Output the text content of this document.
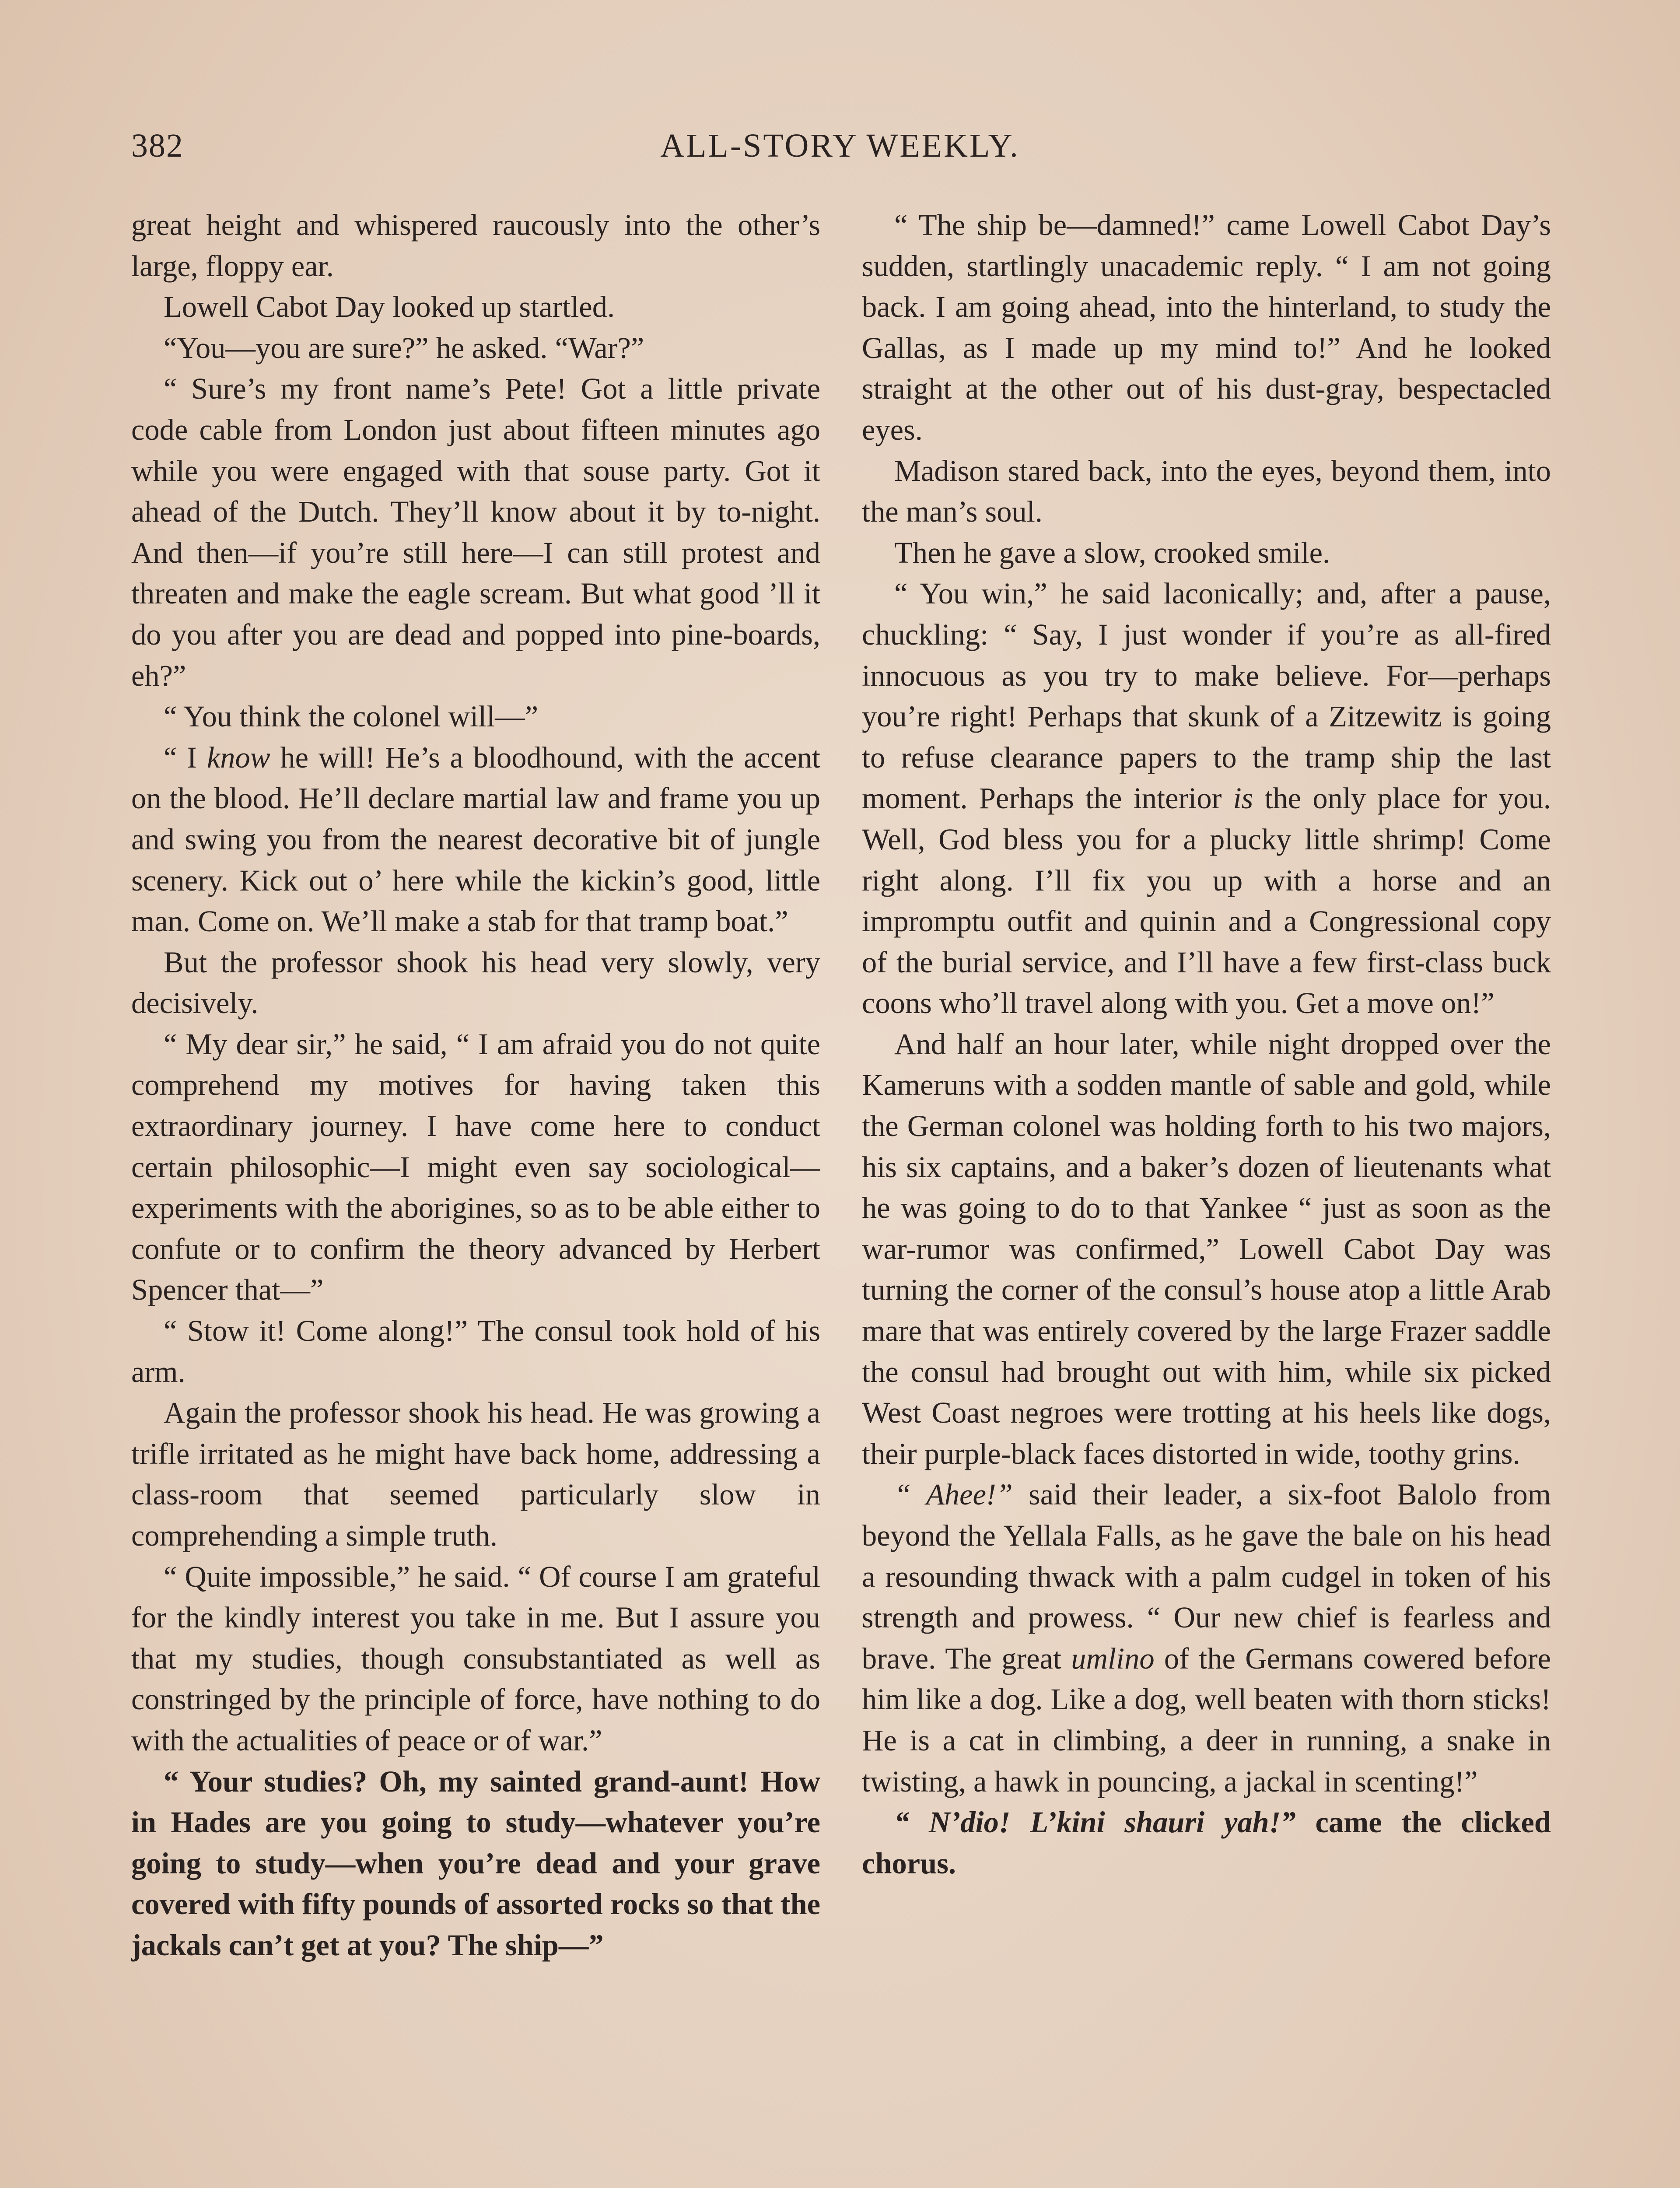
382	ALL-STORY WEEKLY.

great height and whispered raucously into the other’s large, floppy ear.

Lowell Cabot Day looked up startled.

“You—you are sure?” he asked. “War?”

“ Sure’s my front name’s Pete! Got a little private code cable from London just about fifteen minutes ago while you were engaged with that souse party. Got it ahead of the Dutch. They’ll know about it by to-night. And then—if you’re still here—I can still protest and threaten and make the eagle scream. But what good ’ll it do you after you are dead and popped into pine-boards, eh?”

“ You think the colonel will—”

“ I know he will! He’s a bloodhound, with the accent on the blood. He’ll declare martial law and frame you up and swing you from the nearest decorative bit of jungle scenery. Kick out o’ here while the kickin’s good, little man. Come on. We’ll make a stab for that tramp boat.”

But the professor shook his head very slowly, very decisively.

“ My dear sir,” he said, “ I am afraid you do not quite comprehend my motives for having taken this extraordinary journey. I have come here to conduct certain philosophic—I might even say sociological—experiments with the aborigines, so as to be able either to confute or to confirm the theory advanced by Herbert Spencer that—”

“ Stow it! Come along!” The consul took hold of his arm.

Again the professor shook his head. He was growing a trifle irritated as he might have back home, addressing a class-room that seemed particularly slow in comprehending a simple truth.

“ Quite impossible,” he said. “ Of course I am grateful for the kindly interest you take in me. But I assure you that my studies, though consubstantiated as well as constringed by the principle of force, have nothing to do with the actualities of peace or of war.”

“ Your studies? Oh, my sainted grand-aunt! How in Hades are you going to study—whatever you’re going to study—when you’re dead and your grave covered with fifty pounds of assorted rocks so that the jackals can’t get at you? The ship—”

“ The ship be—damned!” came Lowell Cabot Day’s sudden, startlingly unacademic reply. “ I am not going back. I am going ahead, into the hinterland, to study the Gallas, as I made up my mind to!” And he looked straight at the other out of his dust-gray, bespectacled eyes.

Madison stared back, into the eyes, beyond them, into the man’s soul.

Then he gave a slow, crooked smile.

“ You win,” he said laconically; and, after a pause, chuckling: “ Say, I just wonder if you’re as all-fired innocuous as you try to make believe. For—perhaps you’re right! Perhaps that skunk of a Zitzewitz is going to refuse clearance papers to the tramp ship the last moment. Perhaps the interior is the only place for you. Well, God bless you for a plucky little shrimp! Come right along. I’ll fix you up with a horse and an impromptu outfit and quinin and a Congressional copy of the burial service, and I’ll have a few first-class buck coons who’ll travel along with you. Get a move on!”

And half an hour later, while night dropped over the Kameruns with a sodden mantle of sable and gold, while the German colonel was holding forth to his two majors, his six captains, and a baker’s dozen of lieutenants what he was going to do to that Yankee “ just as soon as the war-rumor was confirmed,” Lowell Cabot Day was turning the corner of the consul’s house atop a little Arab mare that was entirely covered by the large Frazer saddle the consul had brought out with him, while six picked West Coast negroes were trotting at his heels like dogs, their purple-black faces distorted in wide, toothy grins.

“ Ahee!” said their leader, a six-foot Balolo from beyond the Yellala Falls, as he gave the bale on his head a resounding thwack with a palm cudgel in token of his strength and prowess. “ Our new chief is fearless and brave. The great umlino of the Germans cowered before him like a dog. Like a dog, well beaten with thorn sticks! He is a cat in climbing, a deer in running, a snake in twisting, a hawk in pouncing, a jackal in scenting!”

“ N’dio! L’kini shauri yah!” came the clicked chorus.
